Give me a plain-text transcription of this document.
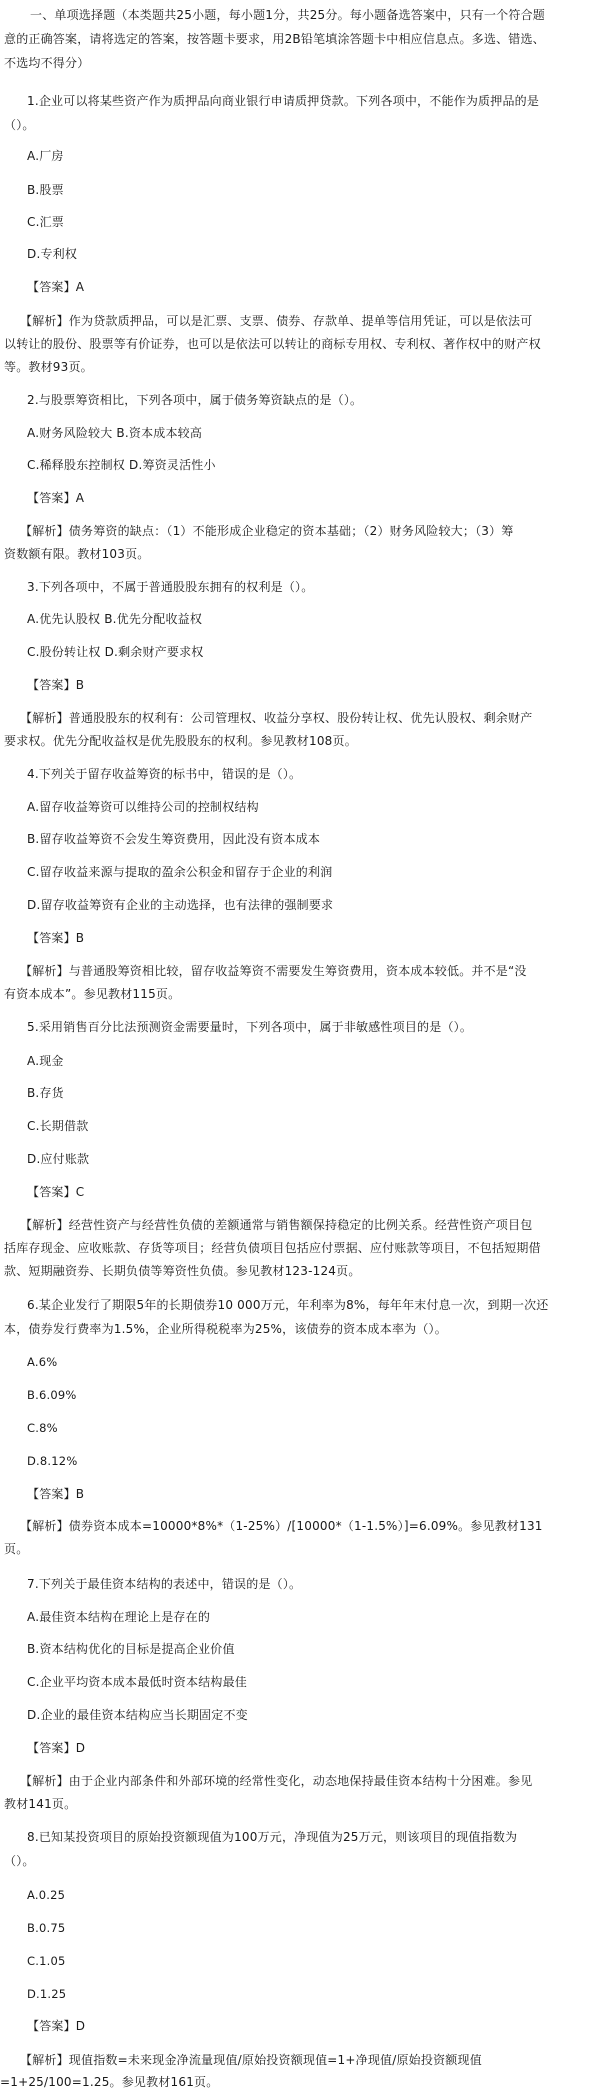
一、单项选择题（本类题共25小题，每小题1分，共25分。每小题备选答案中，只有一个符合题
意的正确答案，请将选定的答案，按答题卡要求，用2B铅笔填涂答题卡中相应信息点。多选、错选、
不选均不得分）
1.企业可以将某些资产作为质押品向商业银行申请质押贷款。下列各项中，不能作为质押品的是
（）。
A.厂房
B.股票
C.汇票
D.专利权
【答案】A
【解析】作为贷款质押品，可以是汇票、支票、债券、存款单、提单等信用凭证，可以是依法可
以转让的股份、股票等有价证券，也可以是依法可以转让的商标专用权、专利权、著作权中的财产权
等。教材93页。
2.与股票筹资相比，下列各项中，属于债务筹资缺点的是（）。
A.财务风险较大 B.资本成本较高
C.稀释股东控制权 D.筹资灵活性小
【答案】A
【解析】债务筹资的缺点：（1）不能形成企业稳定的资本基础；（2）财务风险较大；（3）筹
资数额有限。教材103页。
3.下列各项中，不属于普通股股东拥有的权利是（）。
A.优先认股权 B.优先分配收益权
C.股份转让权 D.剩余财产要求权
【答案】B
【解析】普通股股东的权利有：公司管理权、收益分享权、股份转让权、优先认股权、剩余财产
要求权。优先分配收益权是优先股股东的权利。参见教材108页。
4.下列关于留存收益筹资的标书中，错误的是（）。
A.留存收益筹资可以维持公司的控制权结构
B.留存收益筹资不会发生筹资费用，因此没有资本成本
C.留存收益来源与提取的盈余公积金和留存于企业的利润
D.留存收益筹资有企业的主动选择，也有法律的强制要求
【答案】B
【解析】与普通股筹资相比较，留存收益筹资不需要发生筹资费用，资本成本较低。并不是“没
有资本成本”。参见教材115页。
5.采用销售百分比法预测资金需要量时，下列各项中，属于非敏感性项目的是（）。
A.现金
B.存货
C.长期借款
D.应付账款
【答案】C
【解析】经营性资产与经营性负债的差额通常与销售额保持稳定的比例关系。经营性资产项目包
括库存现金、应收账款、存货等项目；经营负债项目包括应付票据、应付账款等项目，不包括短期借
款、短期融资券、长期负债等筹资性负债。参见教材123-124页。
6.某企业发行了期限5年的长期债券10 000万元，年利率为8%，每年年末付息一次，到期一次还
本，债券发行费率为1.5%，企业所得税税率为25%，该债券的资本成本率为（）。
A.6%
B.6.09%
C.8%
D.8.12%
【答案】B
【解析】债券资本成本=10000*8%*（1-25%）/[10000*（1-1.5%）]=6.09%。参见教材131
页。
7.下列关于最佳资本结构的表述中，错误的是（）。
A.最佳资本结构在理论上是存在的
B.资本结构优化的目标是提高企业价值
C.企业平均资本成本最低时资本结构最佳
D.企业的最佳资本结构应当长期固定不变
【答案】D
【解析】由于企业内部条件和外部环境的经常性变化，动态地保持最佳资本结构十分困难。参见
教材141页。
8.已知某投资项目的原始投资额现值为100万元，净现值为25万元，则该项目的现值指数为
（）。
A.0.25
B.0.75
C.1.05
D.1.25
【答案】D
【解析】现值指数=未来现金净流量现值/原始投资额现值=1+净现值/原始投资额现值
=1+25/100=1.25。参见教材161页。
